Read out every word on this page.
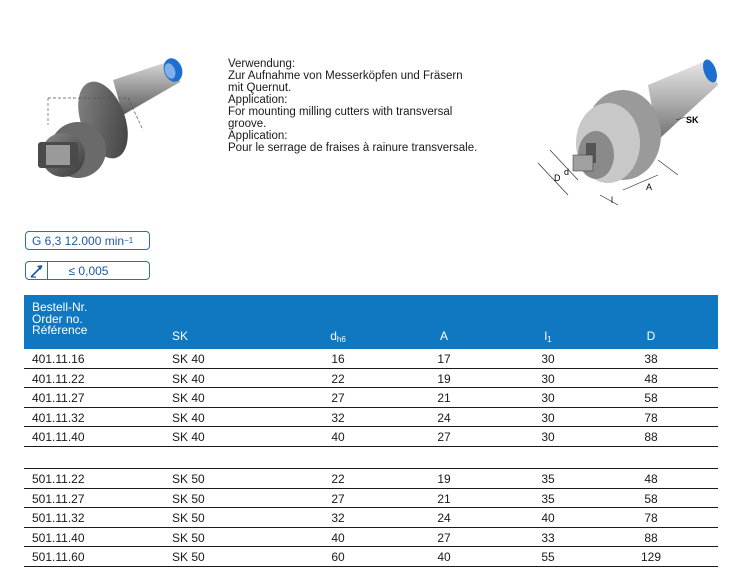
Verwendung:

Zur Aufnahme von Messerköpfen und Fräsern

mit Quernut.

Application:

For mounting milling cutters with transversal

groove.

Application:

Pour le serrage de fraises à rainure transversale.

D
d
l
A
SK
G 6,3 12.000 min −1
≤ 0,005
Bestell-Nr.
Order no.
Référence	SK	$d_{h6}$	A	$l_1$	D
401.11.16	SK 40	16	17	30	38
401.11.22	SK 40	22	19	30	48
401.11.27	SK 40	27	21	30	58
401.11.32	SK 40	32	24	30	78
401.11.40	SK 40	40	27	30	88
501.11.22	SK 50	22	19	35	48
501.11.27	SK 50	27	21	35	58
501.11.32	SK 50	32	24	40	78
501.11.40	SK 50	40	27	33	88
501.11.60	SK 50	60	40	55	129
